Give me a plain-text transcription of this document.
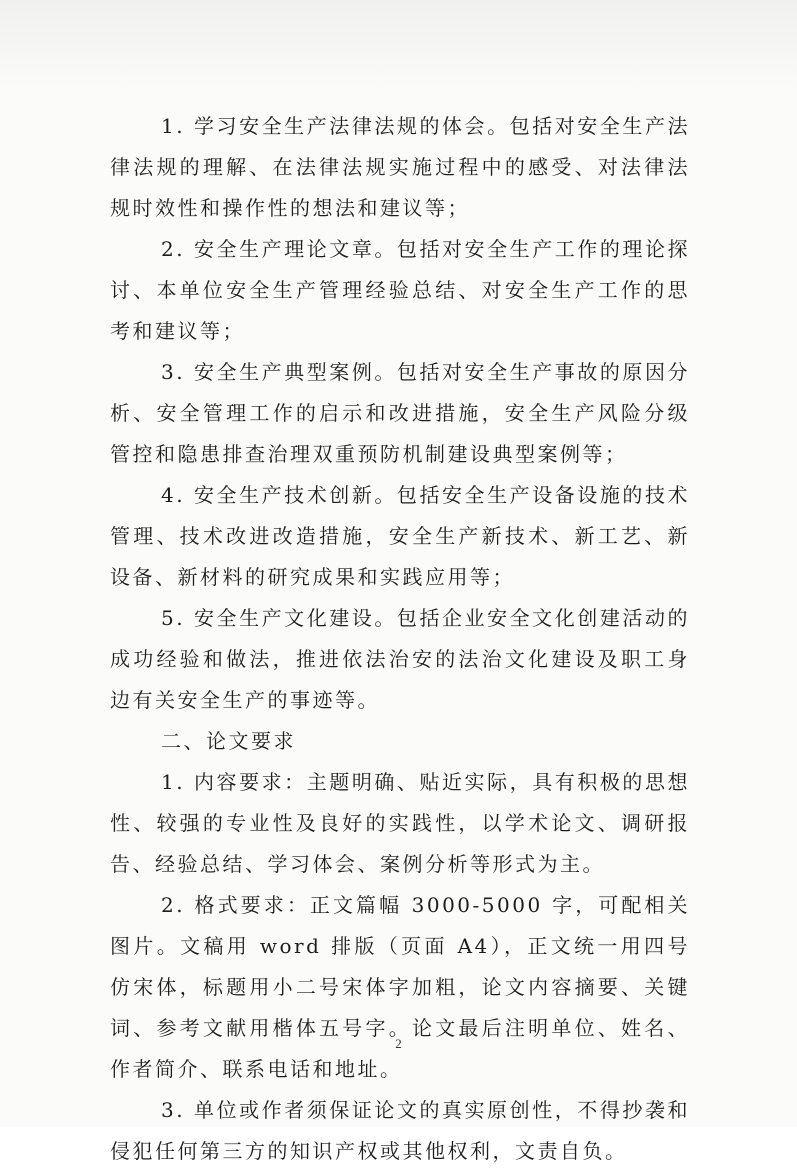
1. 学习安全生产法律法规的体会。包括对安全生产法律法规的理解、在法律法规实施过程中的感受、对法律法规时效性和操作性的想法和建议等；

2. 安全生产理论文章。包括对安全生产工作的理论探讨、本单位安全生产管理经验总结、对安全生产工作的思考和建议等；

3. 安全生产典型案例。包括对安全生产事故的原因分析、安全管理工作的启示和改进措施，安全生产风险分级管控和隐患排查治理双重预防机制建设典型案例等；

4. 安全生产技术创新。包括安全生产设备设施的技术管理、技术改进改造措施，安全生产新技术、新工艺、新设备、新材料的研究成果和实践应用等；

5. 安全生产文化建设。包括企业安全文化创建活动的成功经验和做法，推进依法治安的法治文化建设及职工身边有关安全生产的事迹等。

二、论文要求

1. 内容要求：主题明确、贴近实际，具有积极的思想性、较强的专业性及良好的实践性，以学术论文、调研报告、经验总结、学习体会、案例分析等形式为主。

2. 格式要求：正文篇幅 3000-5000 字，可配相关图片。文稿用 word 排版（页面 A4），正文统一用四号仿宋体，标题用小二号宋体字加粗，论文内容摘要、关键词、参考文献用楷体五号字。论文最后注明单位、姓名、作者简介、联系电话和地址。

3. 单位或作者须保证论文的真实原创性，不得抄袭和侵犯任何第三方的知识产权或其他权利，文责自负。

2
